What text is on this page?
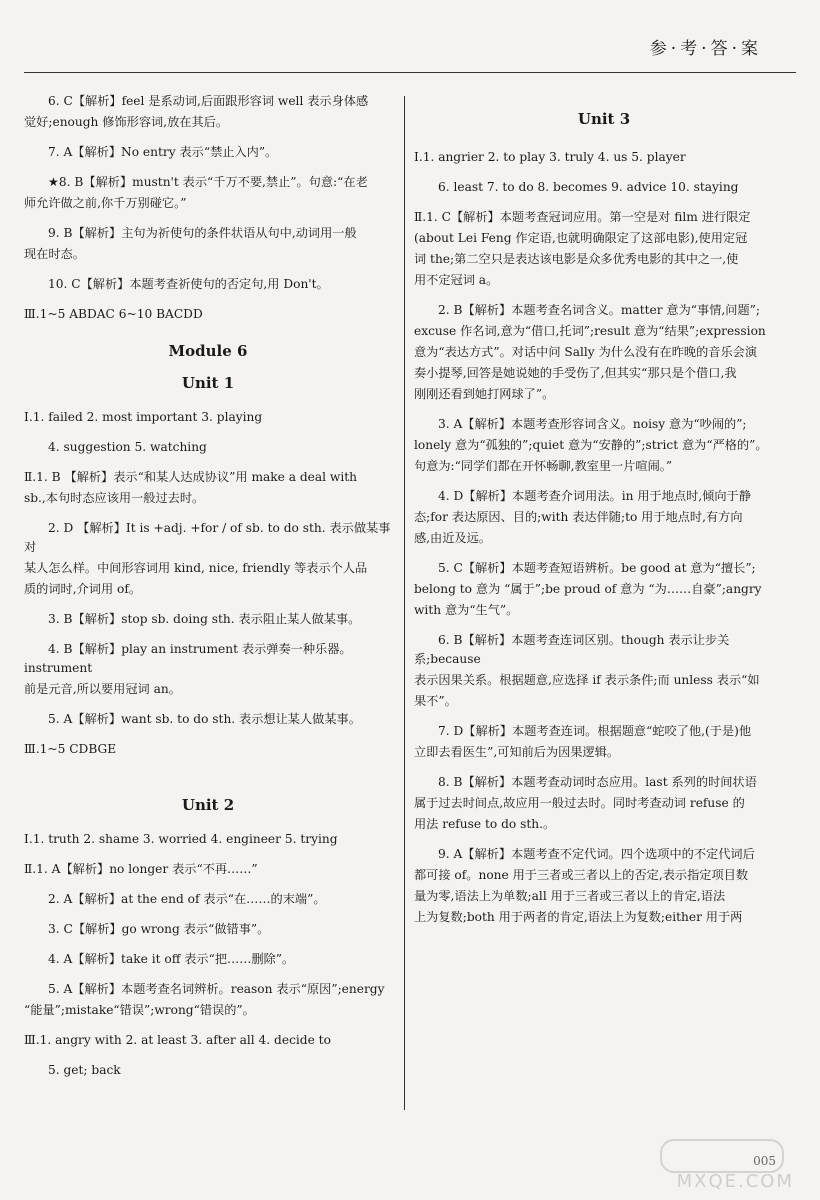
参·考·答·案

6. C【解析】feel 是系动词,后面跟形容词 well 表示身体感

觉好;enough 修饰形容词,放在其后。

7. A【解析】No entry 表示“禁止入内”。

★8. B【解析】mustn't 表示“千万不要,禁止”。句意:“在老

师允许做之前,你千万别碰它。”

9. B【解析】主句为祈使句的条件状语从句中,动词用一般

现在时态。

10. C【解析】本题考查祈使句的否定句,用 Don't。

Ⅲ.1~5 ABDAC 6~10 BACDD

Module 6
Unit 1

Ⅰ.1. failed 2. most important 3. playing

4. suggestion 5. watching

Ⅱ.1. B 【解析】表示“和某人达成协议”用 make a deal with

sb.,本句时态应该用一般过去时。

2. D 【解析】It is +adj. +for / of sb. to do sth. 表示做某事对

某人怎么样。中间形容词用 kind, nice, friendly 等表示个人品

质的词时,介词用 of。

3. B【解析】stop sb. doing sth. 表示阻止某人做某事。

4. B【解析】play an instrument 表示弹奏一种乐器。instrument

前是元音,所以要用冠词 an。

5. A【解析】want sb. to do sth. 表示想让某人做某事。

Ⅲ.1~5 CDBGE

Unit 2

Ⅰ.1. truth 2. shame 3. worried 4. engineer 5. trying

Ⅱ.1. A【解析】no longer 表示“不再……”

2. A【解析】at the end of 表示“在……的末端”。

3. C【解析】go wrong 表示“做错事”。

4. A【解析】take it off 表示“把……删除”。

5. A【解析】本题考查名词辨析。reason 表示“原因”;energy

“能量”;mistake“错误”;wrong“错误的”。

Ⅲ.1. angry with 2. at least 3. after all 4. decide to

5. get; back

Unit 3

Ⅰ.1. angrier 2. to play 3. truly 4. us 5. player

6. least 7. to do 8. becomes 9. advice 10. staying

Ⅱ.1. C【解析】本题考查冠词应用。第一空是对 film 进行限定

(about Lei Feng 作定语,也就明确限定了这部电影),使用定冠

词 the;第二空只是表达该电影是众多优秀电影的其中之一,使

用不定冠词 a。

2. B【解析】本题考查名词含义。matter 意为“事情,问题”;

excuse 作名词,意为“借口,托词”;result 意为“结果”;expression

意为“表达方式”。对话中问 Sally 为什么没有在昨晚的音乐会演

奏小提琴,回答是她说她的手受伤了,但其实“那只是个借口,我

刚刚还看到她打网球了”。

3. A【解析】本题考查形容词含义。noisy 意为“吵闹的”;

lonely 意为“孤独的”;quiet 意为“安静的”;strict 意为“严格的”。

句意为:“同学们都在开怀畅聊,教室里一片喧闹。”

4. D【解析】本题考查介词用法。in 用于地点时,倾向于静

态;for 表达原因、目的;with 表达伴随;to 用于地点时,有方向

感,由近及远。

5. C【解析】本题考查短语辨析。be good at 意为“擅长”;

belong to 意为 “属于”;be proud of 意为 “为……自豪”;angry

with 意为“生气”。

6. B【解析】本题考查连词区别。though 表示让步关系;because

表示因果关系。根据题意,应选择 if 表示条件;而 unless 表示“如

果不”。

7. D【解析】本题考查连词。根据题意“蛇咬了他,(于是)他

立即去看医生”,可知前后为因果逻辑。

8. B【解析】本题考查动词时态应用。last 系列的时间状语

属于过去时间点,故应用一般过去时。同时考查动词 refuse 的

用法 refuse to do sth.。

9. A【解析】本题考查不定代词。四个选项中的不定代词后

都可接 of。none 用于三者或三者以上的否定,表示指定项目数

量为零,语法上为单数;all 用于三者或三者以上的肯定,语法

上为复数;both 用于两者的肯定,语法上为复数;either 用于两

005
MXQE.COM
